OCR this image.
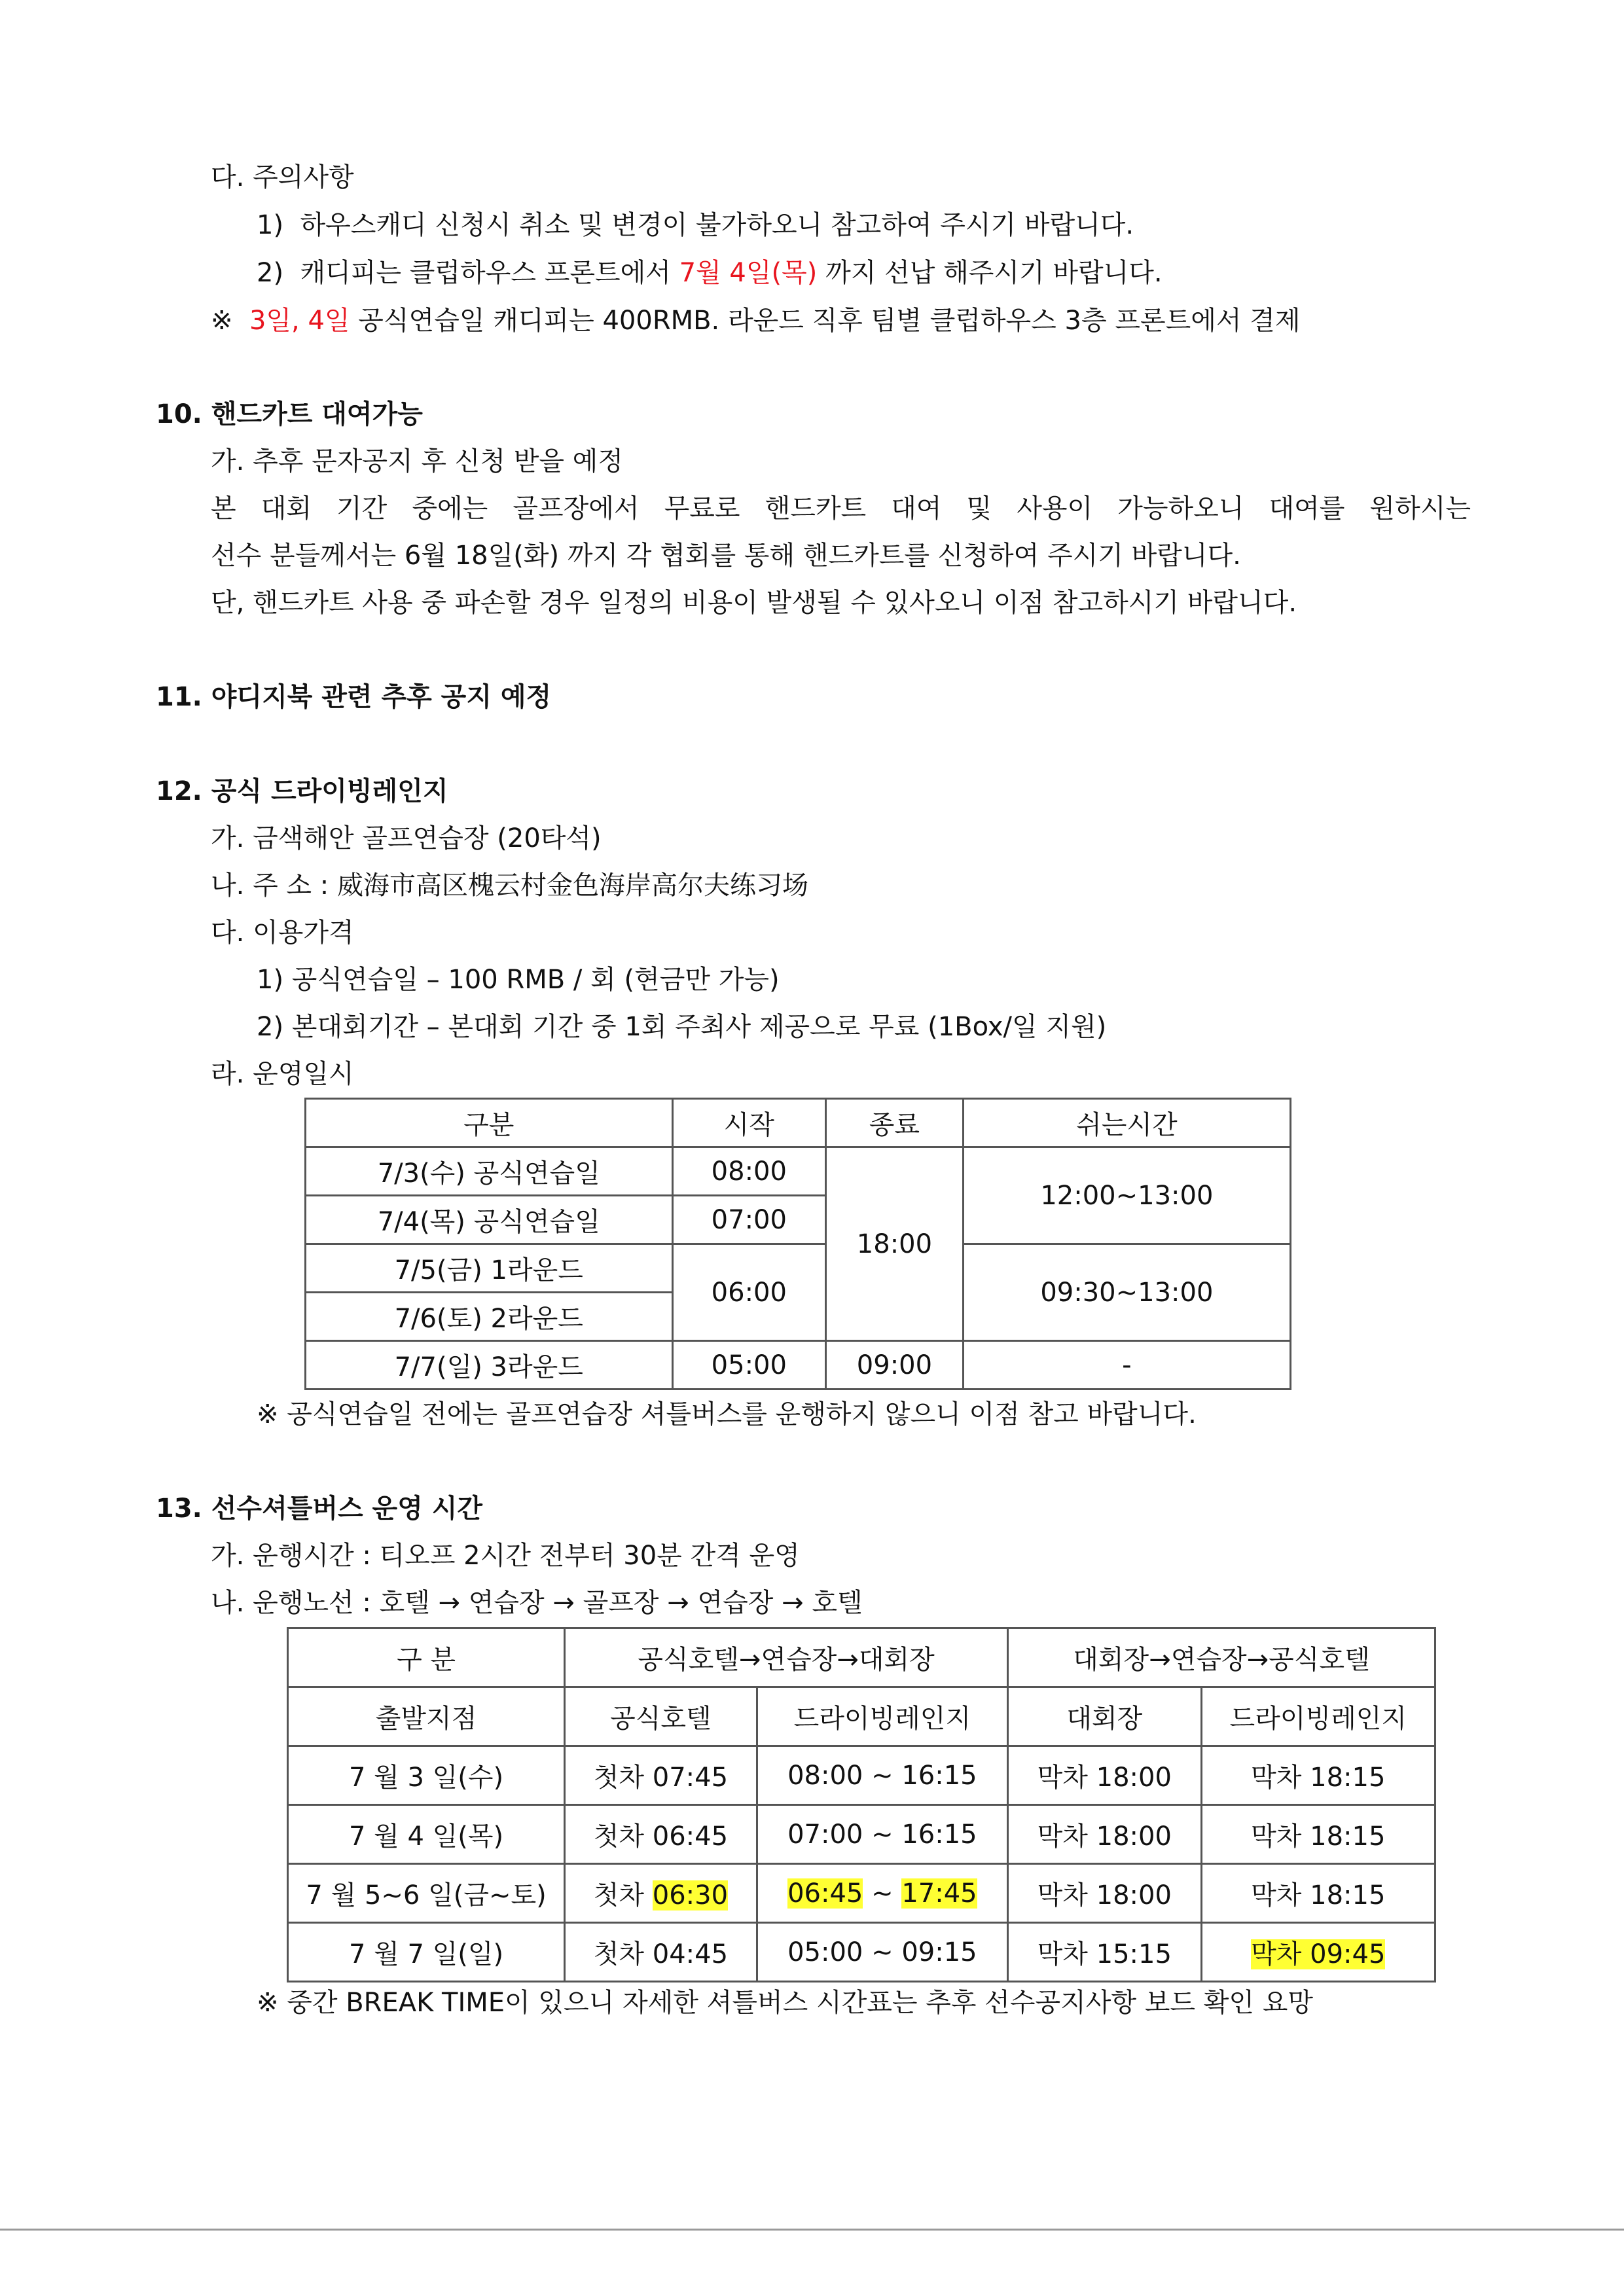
다. 주의사항
1) 하우스캐디 신청시 취소 및 변경이 불가하오니 참고하여 주시기 바랍니다.
2) 캐디피는 클럽하우스 프론트에서 7월 4일(목) 까지 선납 해주시기 바랍니다.
※ 3일, 4일 공식연습일 캐디피는 400RMB. 라운드 직후 팀별 클럽하우스 3층 프론트에서 결제
10. 핸드카트 대여가능
가. 추후 문자공지 후 신청 받을 예정
본 대회 기간 중에는 골프장에서 무료로 핸드카트 대여 및 사용이 가능하오니 대여를 원하시는
선수 분들께서는 6월 18일(화) 까지 각 협회를 통해 핸드카트를 신청하여 주시기 바랍니다.
단, 핸드카트 사용 중 파손할 경우 일정의 비용이 발생될 수 있사오니 이점 참고하시기 바랍니다.
11. 야디지북 관련 추후 공지 예정
12. 공식 드라이빙레인지
가. 금색해안 골프연습장 (20타석)
나. 주 소 : 威海市高区槐云村金色海岸高尔夫练习场
다. 이용가격
1) 공식연습일 – 100 RMB / 회 (현금만 가능)
2) 본대회기간 – 본대회 기간 중 1회 주최사 제공으로 무료 (1Box/일 지원)
라. 운영일시
구분	시작	종료	쉬는시간
7/3(수) 공식연습일	08:00	18:00	12:00~13:00
7/4(목) 공식연습일	07:00		
7/5(금) 1라운드	06:00		09:30~13:00
7/6(토) 2라운드			
7/7(일) 3라운드	05:00	09:00	-
※ 공식연습일 전에는 골프연습장 셔틀버스를 운행하지 않으니 이점 참고 바랍니다.
13. 선수셔틀버스 운영 시간
가. 운행시간 : 티오프 2시간 전부터 30분 간격 운영
나. 운행노선 : 호텔 → 연습장 → 골프장 → 연습장 → 호텔
구 분	공식호텔→연습장→대회장		대회장→연습장→공식호텔	
출발지점	공식호텔	드라이빙레인지	대회장	드라이빙레인지
7 월 3 일(수)	첫차 07:45	08:00 ~ 16:15	막차 18:00	막차 18:15
7 월 4 일(목)	첫차 06:45	07:00 ~ 16:15	막차 18:00	막차 18:15
7 월 5~6 일(금~토)	첫차 06:30	06:45 ~ 17:45	막차 18:00	막차 18:15
7 월 7 일(일)	첫차 04:45	05:00 ~ 09:15	막차 15:15	막차 09:45
※ 중간 BREAK TIME이 있으니 자세한 셔틀버스 시간표는 추후 선수공지사항 보드 확인 요망
